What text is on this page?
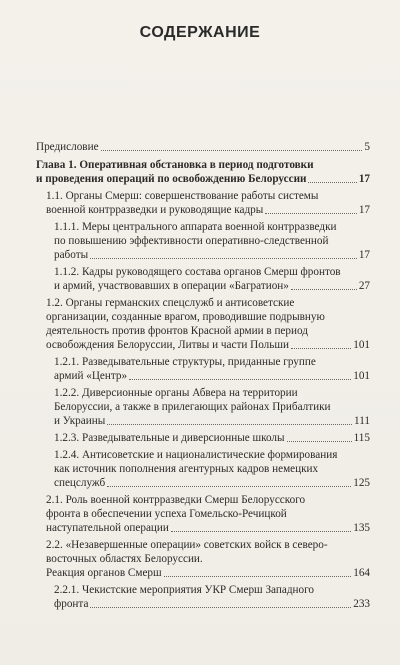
СОДЕРЖАНИЕ
Предисловие	5
Глава 1. Оперативная обстановка в период подготовки
и проведения операций по освобождению Белоруссии	17
1.1. Органы Смерш: совершенствование работы системы
военной контрразведки и руководящие кадры	17
1.1.1. Меры центрального аппарата военной контрразведки
по повышению эффективности оперативно-следственной
работы	17
1.1.2. Кадры руководящего состава органов Смерш фронтов
и армий, участвовавших в операции «Багратион»	27
1.2. Органы германских спецслужб и антисоветские
организации, созданные врагом, проводившие подрывную
деятельность против фронтов Красной армии в период
освобождения Белоруссии, Литвы и части Польши	101
1.2.1. Разведывательные структуры, приданные группе
армий «Центр»	101
1.2.2. Диверсионные органы Абвера на территории
Белоруссии, а также в прилегающих районах Прибалтики
и Украины	111
1.2.3. Разведывательные и диверсионные школы	115
1.2.4. Антисоветские и националистические формирования
как источник пополнения агентурных кадров немецких
спецслужб	125
2.1. Роль военной контрразведки Смерш Белорусского
фронта в обеспечении успеха Гомельско-Речицкой
наступательной операции	135
2.2. «Незавершенные операции» советских войск в северо-
восточных областях Белоруссии.
Реакция органов Смерш	164
2.2.1. Чекистские мероприятия УКР Смерш Западного
фронта	233
